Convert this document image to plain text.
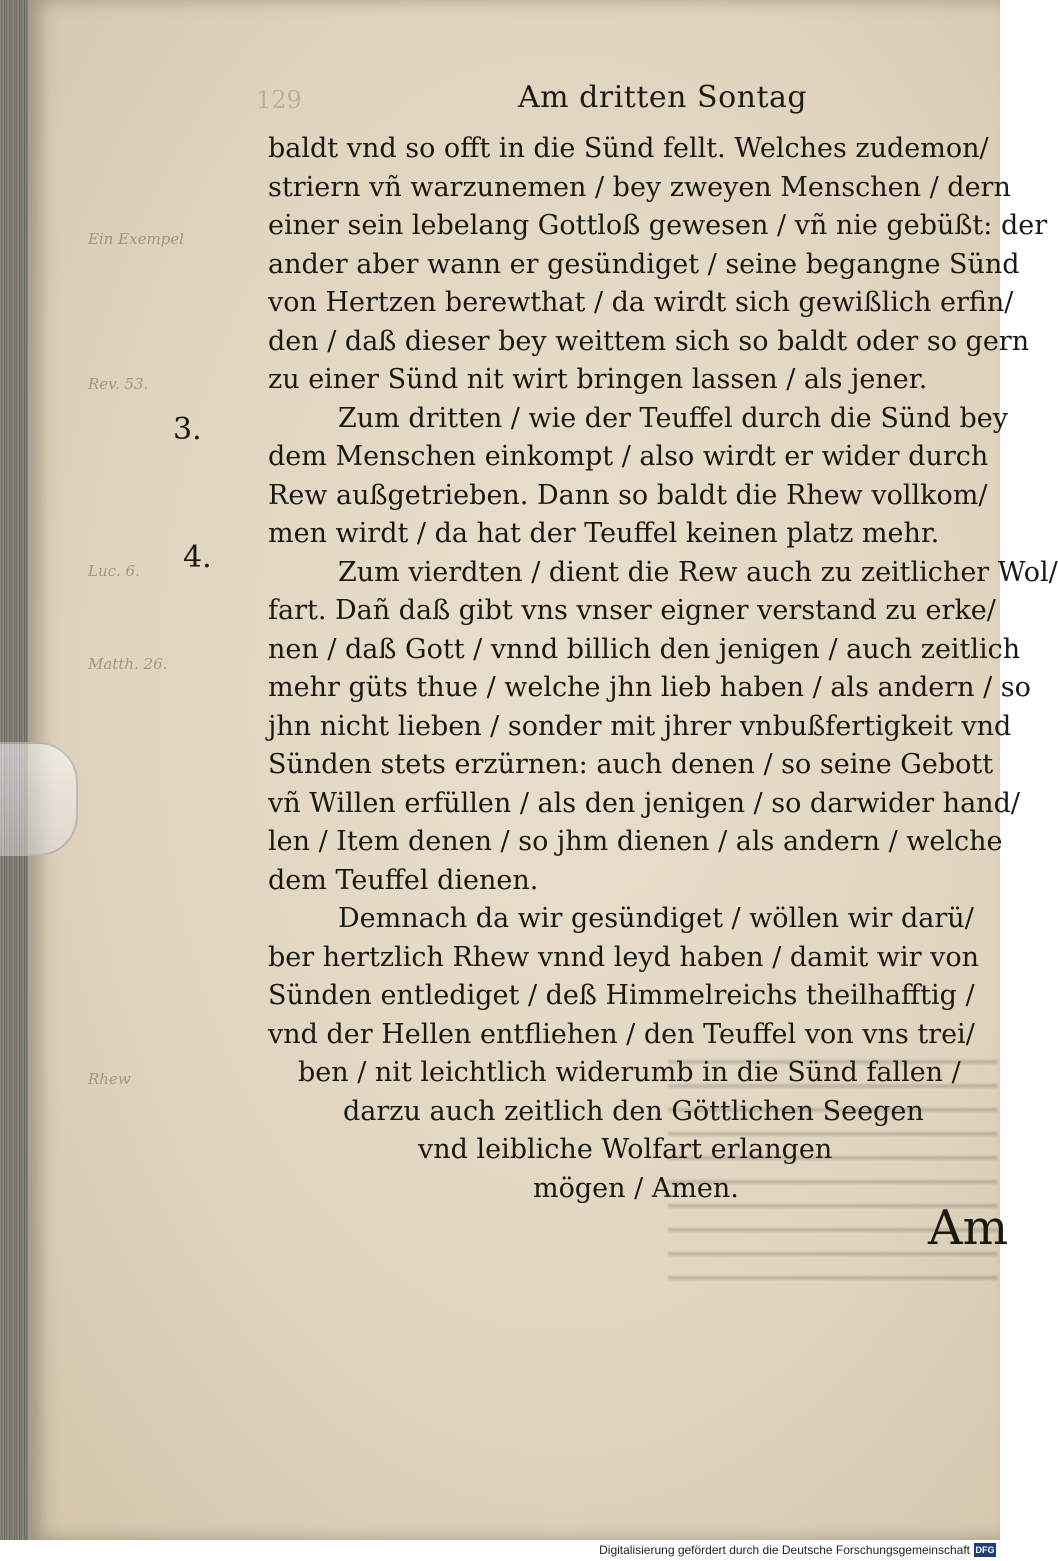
129	Am dritten Sontag
Ein Exempel
Rev. 53.
Luc. 6.
Matth. 26.
Rhew
3.
4.
baldt vnd so offt in die Sünd fellt. Welches zudemon/
striern vñ warzunemen / bey zweyen Menschen / dern
einer sein lebelang Gottloß gewesen / vñ nie gebüßt: der
ander aber wann er gesündiget / seine begangne Sünd
von Hertzen berewthat / da wirdt sich gewißlich erfin/
den / daß dieser bey weittem sich so baldt oder so gern
zu einer Sünd nit wirt bringen lassen / als jener.
Zum dritten / wie der Teuffel durch die Sünd bey
dem Menschen einkompt / also wirdt er wider durch
Rew außgetrieben. Dann so baldt die Rhew vollkom/
men wirdt / da hat der Teuffel keinen platz mehr.
Zum vierdten / dient die Rew auch zu zeitlicher Wol/
fart. Dañ daß gibt vns vnser eigner verstand zu erke/
nen / daß Gott / vnnd billich den jenigen / auch zeitlich
mehr güts thue / welche jhn lieb haben / als andern / so
jhn nicht lieben / sonder mit jhrer vnbußfertigkeit vnd
Sünden stets erzürnen: auch denen / so seine Gebott
vñ Willen erfüllen / als den jenigen / so darwider hand/
len / Item denen / so jhm dienen / als andern / welche
dem Teuffel dienen.
Demnach da wir gesündiget / wöllen wir darü/
ber hertzlich Rhew vnnd leyd haben / damit wir von
Sünden entlediget / deß Himmelreichs theilhafftig /
vnd der Hellen entfliehen / den Teuffel von vns trei/
ben / nit leichtlich widerumb in die Sünd fallen /
darzu auch zeitlich den Göttlichen Seegen
vnd leibliche Wolfart erlangen
mögen / Amen.
Am
Digitalisierung gefördert durch die Deutsche Forschungsgemeinschaft DFG
